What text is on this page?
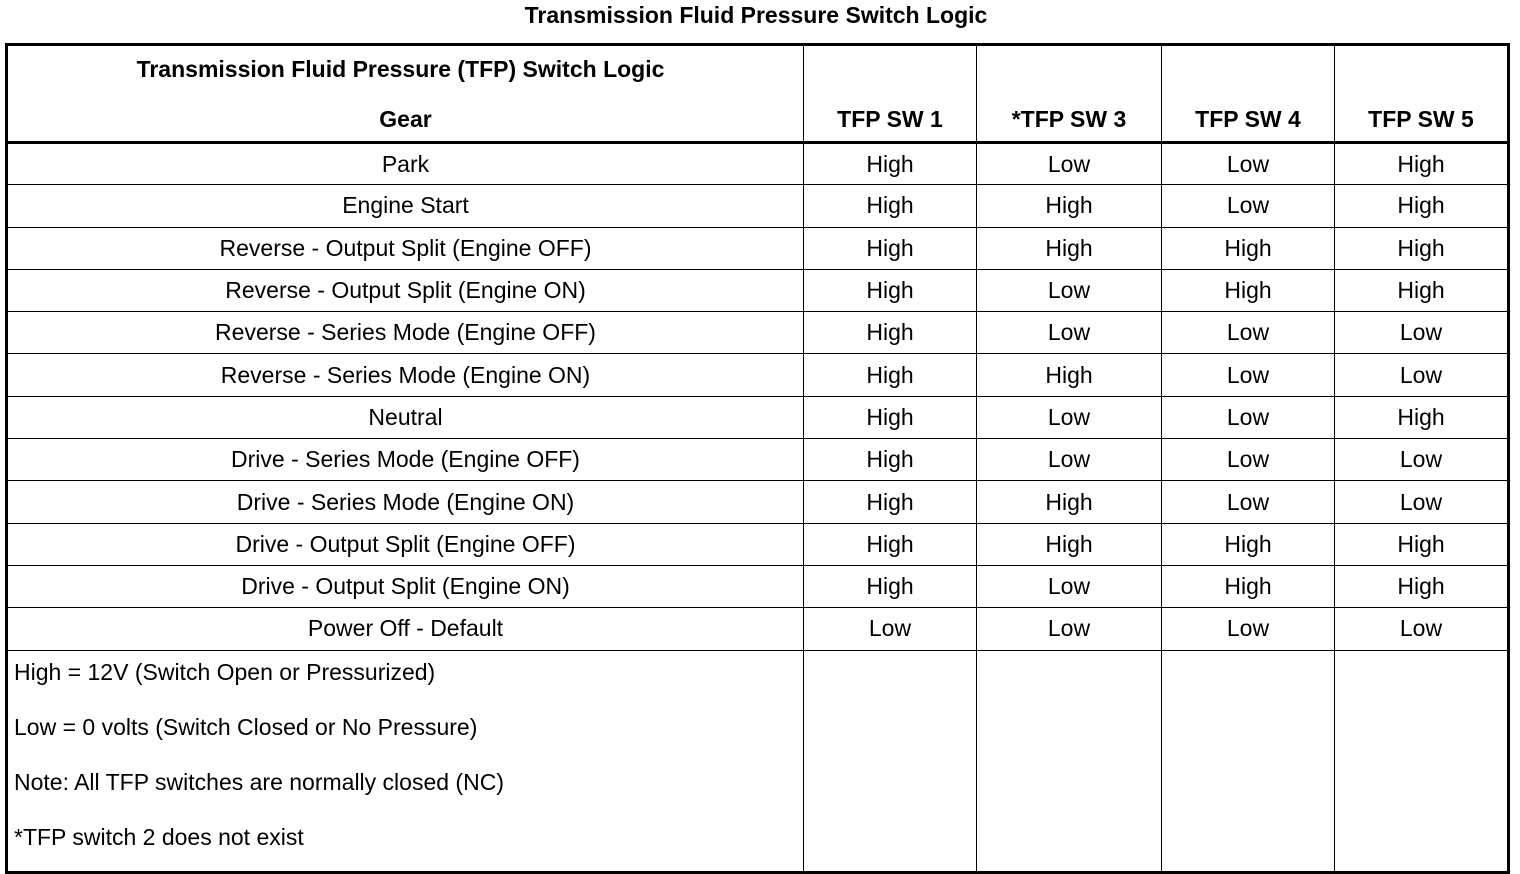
Transmission Fluid Pressure Switch Logic
Transmission Fluid Pressure (TFP) Switch Logic
Gear	TFP SW 1	*TFP SW 3	TFP SW 4	TFP SW 5
Park	High	Low	Low	High
Engine Start	High	High	Low	High
Reverse - Output Split (Engine OFF)	High	High	High	High
Reverse - Output Split (Engine ON)	High	Low	High	High
Reverse - Series Mode (Engine OFF)	High	Low	Low	Low
Reverse - Series Mode (Engine ON)	High	High	Low	Low
Neutral	High	Low	Low	High
Drive - Series Mode (Engine OFF)	High	Low	Low	Low
Drive - Series Mode (Engine ON)	High	High	Low	Low
Drive - Output Split (Engine OFF)	High	High	High	High
Drive - Output Split (Engine ON)	High	Low	High	High
Power Off - Default	Low	Low	Low	Low

High = 12V (Switch Open or Pressurized)
Low = 0 volts (Switch Closed or No Pressure)
Note: All TFP switches are normally closed (NC)
*TFP switch 2 does not exist				
